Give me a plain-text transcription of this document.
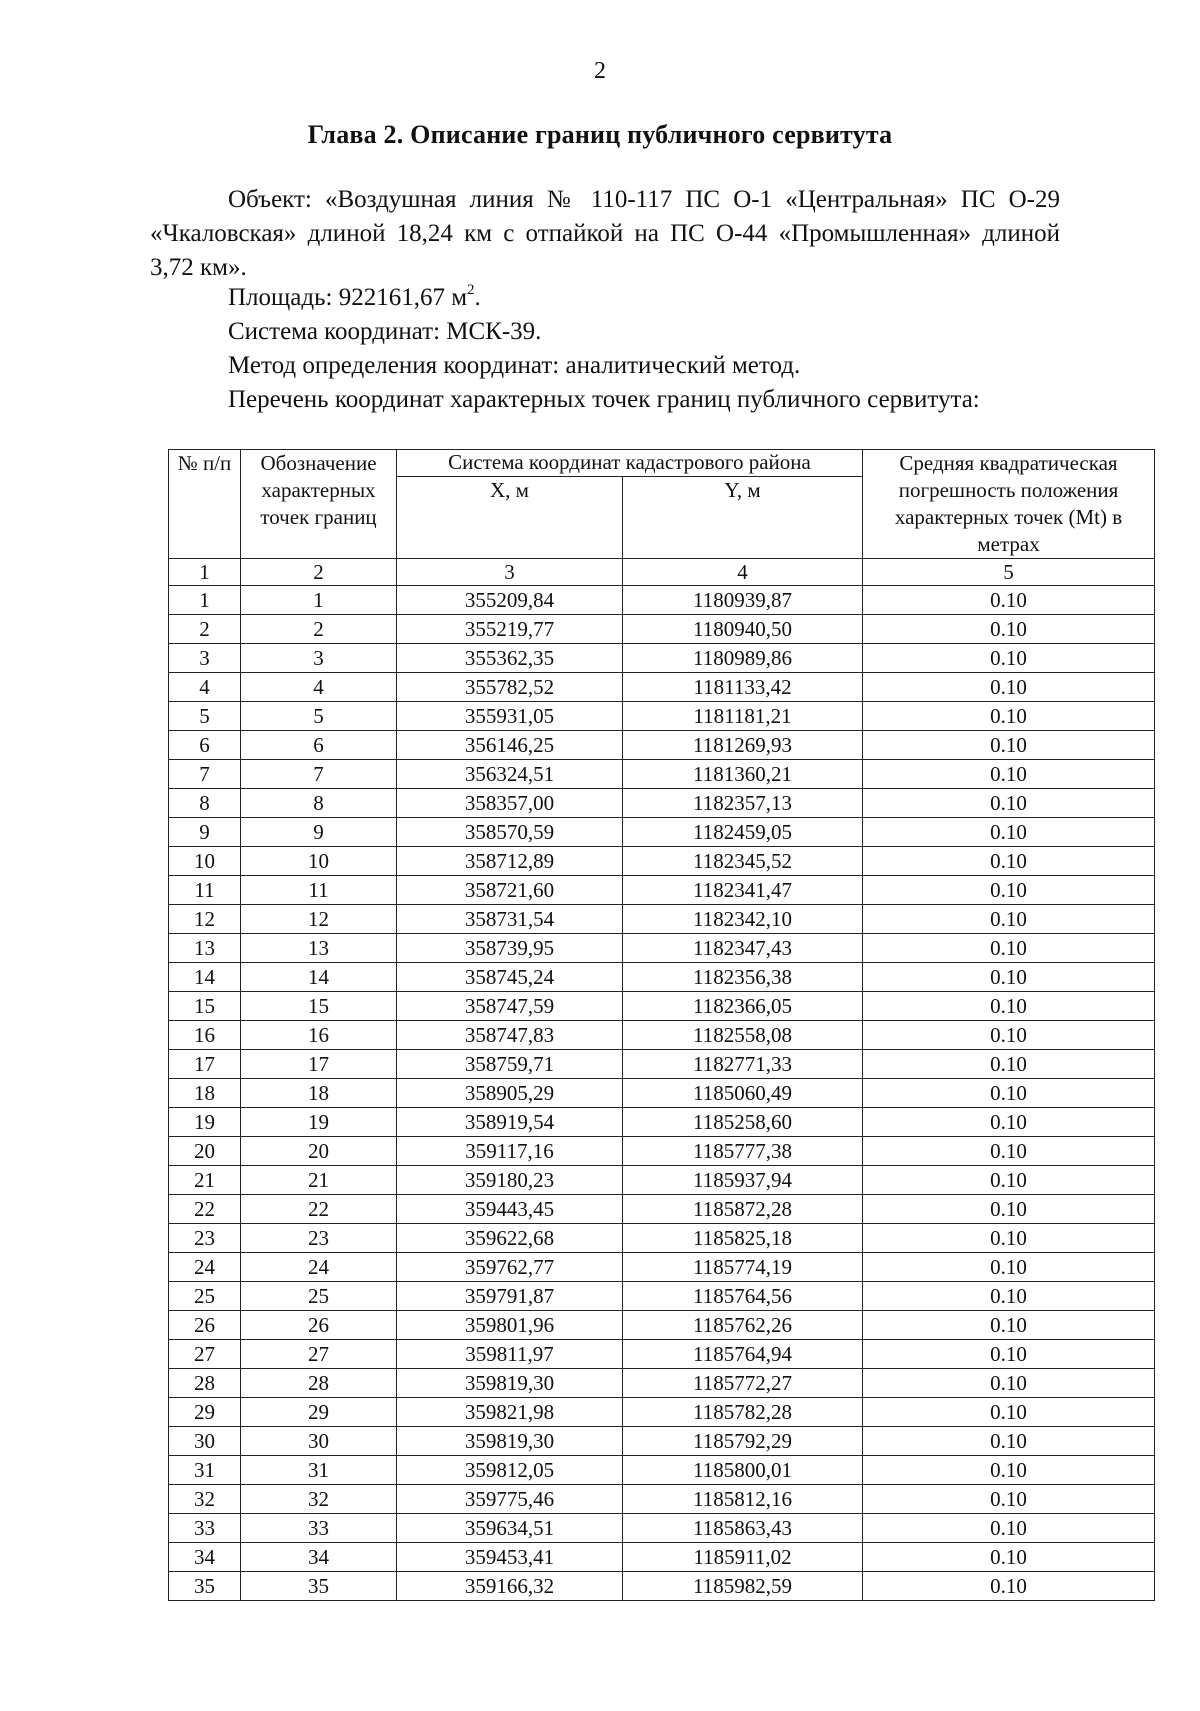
2
Глава 2. Описание границ публичного сервитута
Объект: «Воздушная линия № 110-117 ПС О-1 «Центральная» ПС О-29 «Чкаловская» длиной 18,24 км с отпайкой на ПС О-44 «Промышленная» длиной 3,72 км».
Площадь: 922161,67 $м^2$.
Система координат: МСК-39.
Метод определения координат: аналитический метод.
Перечень координат характерных точек границ публичного сервитута:
№ п/п	Обозначение характерных точек границ	Система координат кадастрового района		Средняя квадратическая погрешность положения характерных точек (Mt) в метрах
		X, м	Y, м	
1	2	3	4	5
1	1	355209,84	1180939,87	0.10
2	2	355219,77	1180940,50	0.10
3	3	355362,35	1180989,86	0.10
4	4	355782,52	1181133,42	0.10
5	5	355931,05	1181181,21	0.10
6	6	356146,25	1181269,93	0.10
7	7	356324,51	1181360,21	0.10
8	8	358357,00	1182357,13	0.10
9	9	358570,59	1182459,05	0.10
10	10	358712,89	1182345,52	0.10
11	11	358721,60	1182341,47	0.10
12	12	358731,54	1182342,10	0.10
13	13	358739,95	1182347,43	0.10
14	14	358745,24	1182356,38	0.10
15	15	358747,59	1182366,05	0.10
16	16	358747,83	1182558,08	0.10
17	17	358759,71	1182771,33	0.10
18	18	358905,29	1185060,49	0.10
19	19	358919,54	1185258,60	0.10
20	20	359117,16	1185777,38	0.10
21	21	359180,23	1185937,94	0.10
22	22	359443,45	1185872,28	0.10
23	23	359622,68	1185825,18	0.10
24	24	359762,77	1185774,19	0.10
25	25	359791,87	1185764,56	0.10
26	26	359801,96	1185762,26	0.10
27	27	359811,97	1185764,94	0.10
28	28	359819,30	1185772,27	0.10
29	29	359821,98	1185782,28	0.10
30	30	359819,30	1185792,29	0.10
31	31	359812,05	1185800,01	0.10
32	32	359775,46	1185812,16	0.10
33	33	359634,51	1185863,43	0.10
34	34	359453,41	1185911,02	0.10
35	35	359166,32	1185982,59	0.10
